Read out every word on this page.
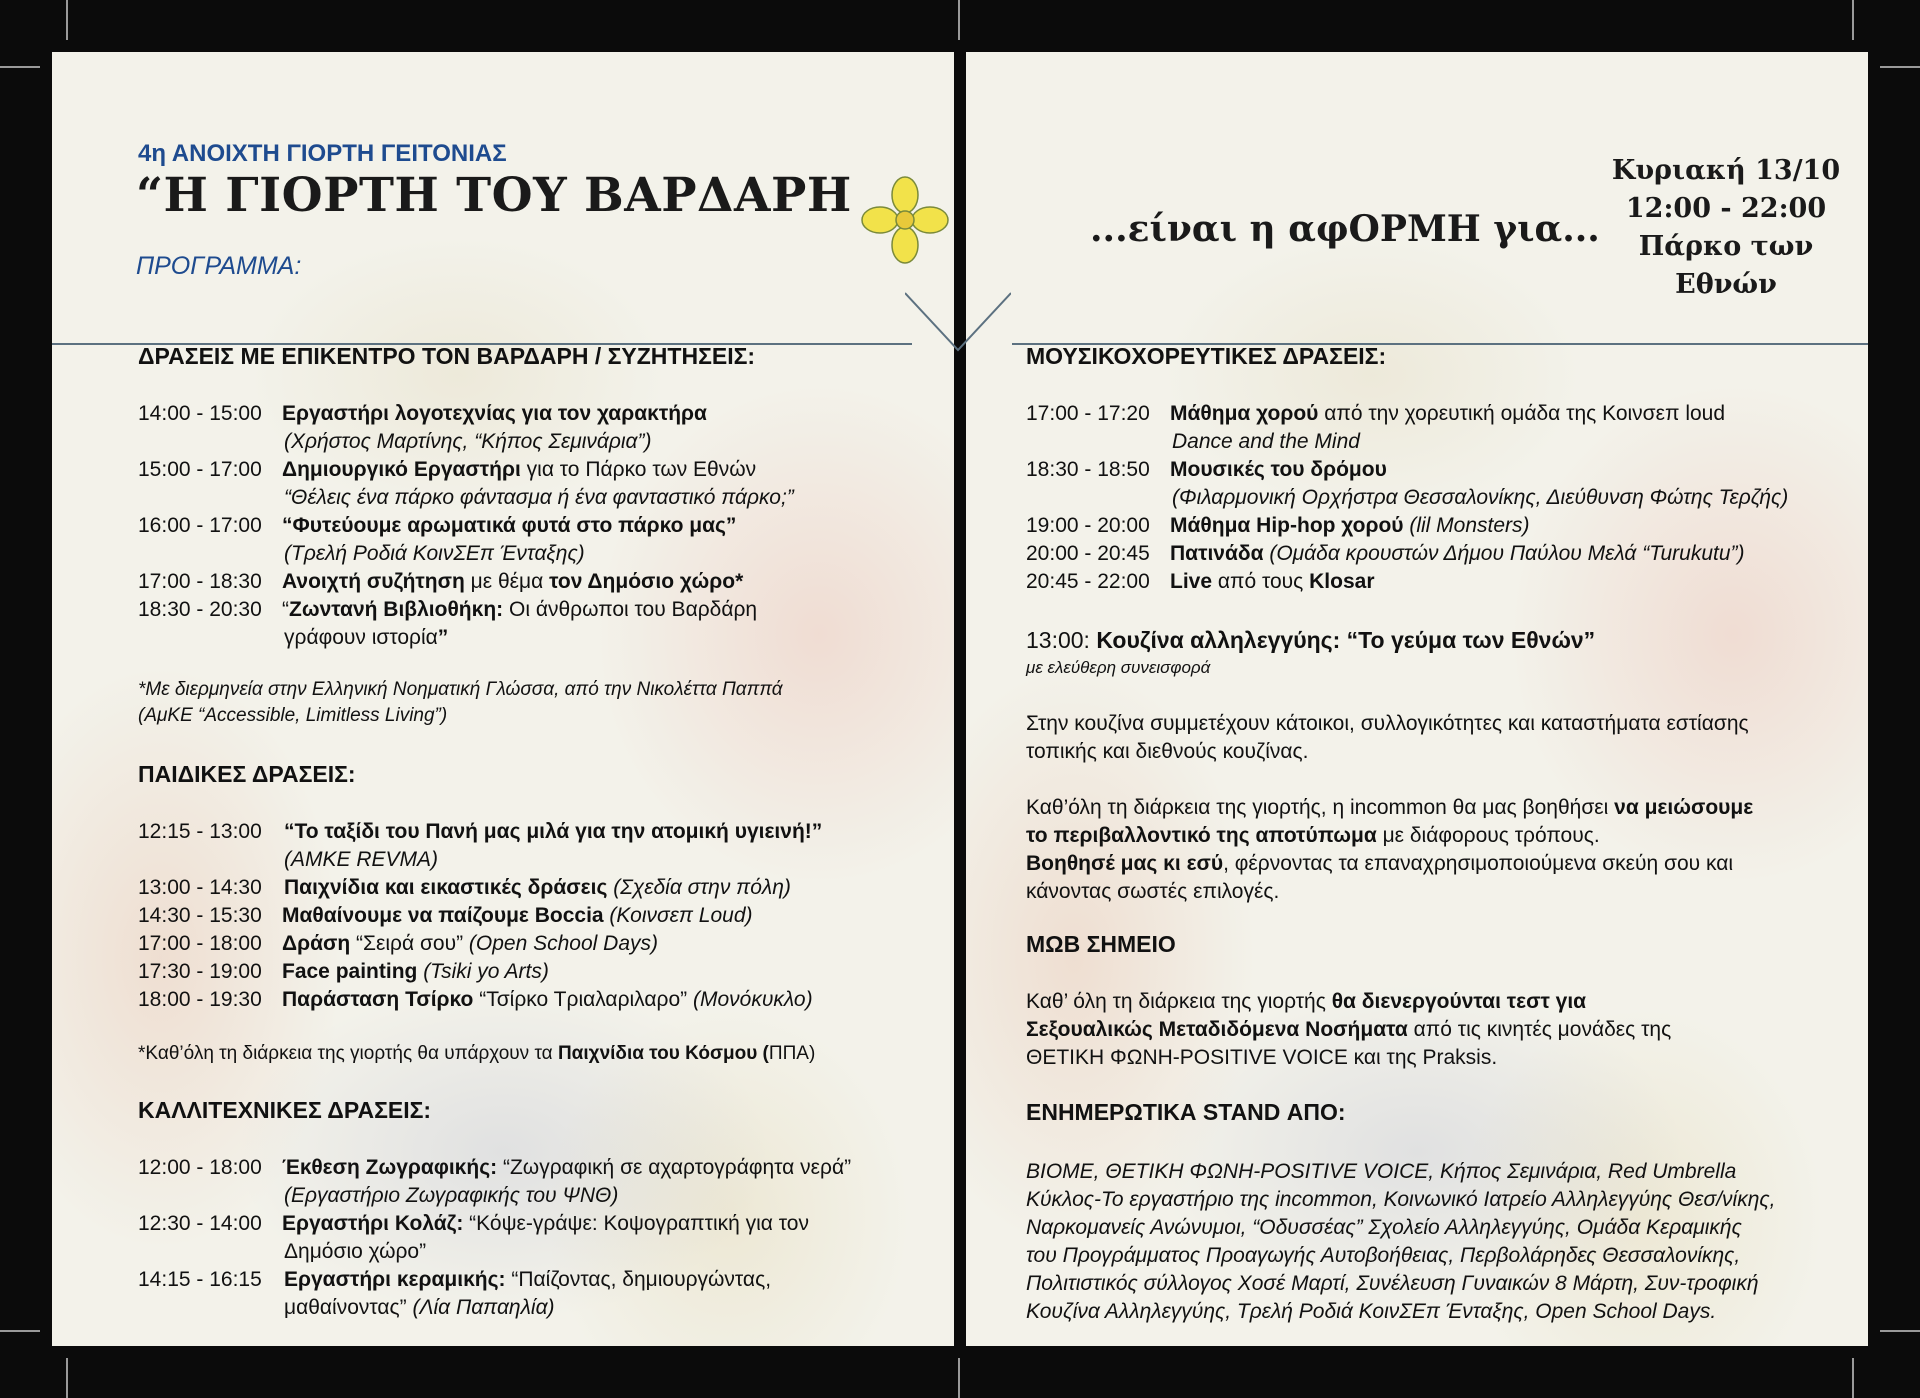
4η ΑΝΟΙΧΤΗ ΓΙΟΡΤΗ ΓΕΙΤΟΝΙΑΣ
“Η ΓΙΟΡΤΗ ΤΟΥ ΒΑΡΔΑΡΗ
ΠΡΟΓΡΑΜΜΑ:
ΔΡΑΣΕΙΣ ΜΕ ΕΠΙΚΕΝΤΡΟ ΤΟΝ ΒΑΡΔΑΡΗ / ΣΥΖΗΤΗΣΕΙΣ:
14:00 - 15:00 Εργαστήρι λογοτεχνίας για τον χαρακτήρα
(Χρήστος Μαρτίνης, “Κήπος Σεμινάρια”)
15:00 - 17:00 Δημιουργικό Εργαστήρι για το Πάρκο των Εθνών
“Θέλεις ένα πάρκο φάντασμα ή ένα φανταστικό πάρκο;”
16:00 - 17:00 “Φυτεύουμε αρωματικά φυτά στο πάρκο μας”
(Τρελή Ροδιά ΚοινΣΕπ Ένταξης)
17:00 - 18:30 Ανοιχτή συζήτηση με θέμα τον Δημόσιο χώρο*
18:30 - 20:30 “Ζωντανή Βιβλιοθήκη: Οι άνθρωποι του Βαρδάρη
γράφουν ιστορία”
*Με διερμηνεία στην Ελληνική Νοηματική Γλώσσα, από την Νικολέττα Παππά
(ΑμΚΕ “Accessible, Limitless Living”)
ΠΑΙΔΙΚΕΣ ΔΡΑΣΕΙΣ:
12:15 - 13:00 “Το ταξίδι του Πανή μας μιλά για την ατομική υγιεινή!”
(ΑΜΚΕ REVMA)
13:00 - 14:30 Παιχνίδια και εικαστικές δράσεις (Σχεδία στην πόλη)
14:30 - 15:30 Μαθαίνουμε να παίζουμε Boccia (Κοινσεπ Loud)
17:00 - 18:00 Δράση “Σειρά σου” (Open School Days)
17:30 - 19:00 Face painting (Tsiki yo Arts)
18:00 - 19:30 Παράσταση Τσίρκο “Τσίρκο Τριαλαριλαρο” (Μονόκυκλο)
*Καθ’όλη τη διάρκεια της γιορτής θα υπάρχουν τα Παιχνίδια του Κόσμου (ΠΠΑ)
ΚΑΛΛΙΤΕΧΝΙΚΕΣ ΔΡΑΣΕΙΣ:
12:00 - 18:00 Έκθεση Ζωγραφικής: “Ζωγραφική σε αχαρτογράφητα νερά”
(Εργαστήριο Ζωγραφικής του ΨΝΘ)
12:30 - 14:00 Εργαστήρι Κολάζ: “Κόψε-γράψε: Κοψογραπτική για τον
Δημόσιο χώρο”
14:15 - 16:15 Εργαστήρι κεραμικής: “Παίζοντας, δημιουργώντας,
μαθαίνοντας” (Λία Παπαηλία)
...είναι η αφΟΡΜΗ για...
Κυριακή 13/10
12:00 - 22:00
Πάρκο των Εθνών
ΜΟΥΣΙΚΟΧΟΡΕΥΤΙΚΕΣ ΔΡΑΣΕΙΣ:
17:00 - 17:20 Μάθημα χορού από την χορευτική ομάδα της Κοινσεπ loud
Dance and the Mind
18:30 - 18:50 Μουσικές του δρόμου
(Φιλαρμονική Ορχήστρα Θεσσαλονίκης, Διεύθυνση Φώτης Τερζής)
19:00 - 20:00 Μάθημα Hip-hop χορού (lil Monsters)
20:00 - 20:45 Πατινάδα (Ομάδα κρουστών Δήμου Παύλου Μελά “Turukutu”)
20:45 - 22:00 Live από τους Klosar
13:00: Κουζίνα αλληλεγγύης: “Το γεύμα των Εθνών”
με ελεύθερη συνεισφορά
Στην κουζίνα συμμετέχουν κάτοικοι, συλλογικότητες και καταστήματα εστίασης
τοπικής και διεθνούς κουζίνας.
Καθ’όλη τη διάρκεια της γιορτής, η incommon θα μας βοηθήσει να μειώσουμε
το περιβαλλοντικό της αποτύπωμα με διάφορους τρόπους.
Βοηθησέ μας κι εσύ, φέρνοντας τα επαναχρησιμοποιούμενα σκεύη σου και
κάνοντας σωστές επιλογές.
ΜΩΒ ΣΗΜΕΙΟ
Καθ’ όλη τη διάρκεια της γιορτής θα διενεργούνται τεστ για
Σεξουαλικώς Μεταδιδόμενα Νοσήματα από τις κινητές μονάδες της
ΘΕΤΙΚΗ ΦΩΝΗ-POSITIVE VOICE και της Praksis.
ΕΝΗΜΕΡΩΤΙΚΑ STAND ΑΠΟ:
BIOME, ΘΕΤΙΚΗ ΦΩΝΗ-POSITIVE VOICE, Κήπος Σεμινάρια, Red Umbrella
Κύκλος-Το εργαστήριο της incommon, Κοινωνικό Ιατρείο Αλληλεγγύης Θεσ/νίκης,
Ναρκομανείς Ανώνυμοι, “Οδυσσέας” Σχολείο Αλληλεγγύης, Ομάδα Κεραμικής
του Προγράμματος Προαγωγής Αυτοβοήθειας, Περβολάρηδες Θεσσαλονίκης,
Πολιτιστικός σύλλογος Χοσέ Μαρτί, Συνέλευση Γυναικών 8 Μάρτη, Συν-τροφική
Κουζίνα Αλληλεγγύης, Τρελή Ροδιά ΚοινΣΕπ Ένταξης, Open School Days.
